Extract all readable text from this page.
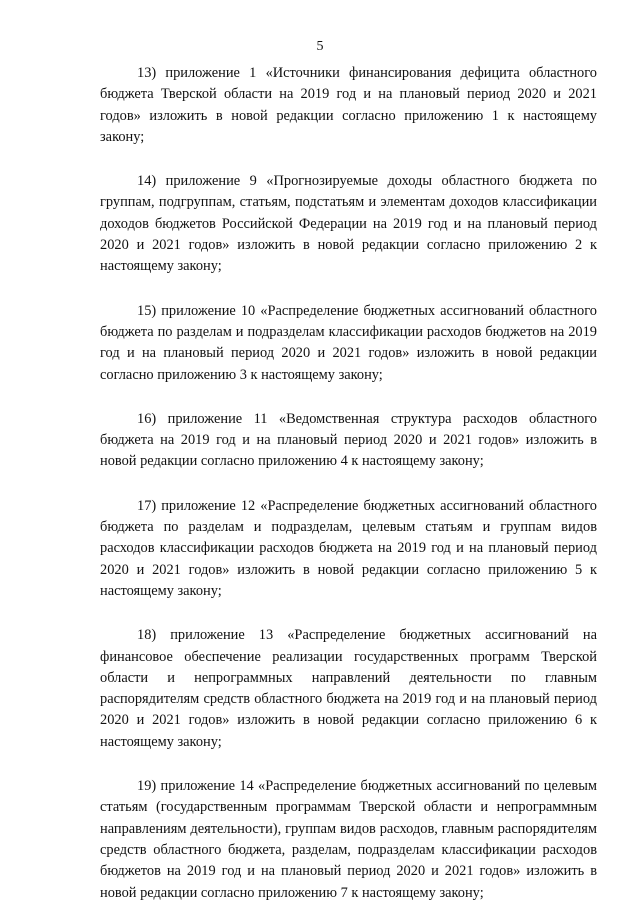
5

13) приложение 1 «Источники финансирования дефицита областного бюджета Тверской области на 2019 год и на плановый период 2020 и 2021 годов» изложить в новой редакции согласно приложению 1 к настоящему закону;

14) приложение 9 «Прогнозируемые доходы областного бюджета по группам, подгруппам, статьям, подстатьям и элементам доходов классификации доходов бюджетов Российской Федерации на 2019 год и на плановый период 2020 и 2021 годов» изложить в новой редакции согласно приложению 2 к настоящему закону;

15) приложение 10 «Распределение бюджетных ассигнований областного бюджета по разделам и подразделам классификации расходов бюджетов на 2019 год и на плановый период 2020 и 2021 годов» изложить в новой редакции согласно приложению 3 к настоящему закону;

16) приложение 11 «Ведомственная структура расходов областного бюджета на 2019 год и на плановый период 2020 и 2021 годов» изложить в новой редакции согласно приложению 4 к настоящему закону;

17) приложение 12 «Распределение бюджетных ассигнований областного бюджета по разделам и подразделам, целевым статьям и группам видов расходов классификации расходов бюджета на 2019 год и на плановый период 2020 и 2021 годов» изложить в новой редакции согласно приложению 5 к настоящему закону;

18) приложение 13 «Распределение бюджетных ассигнований на финансовое обеспечение реализации государственных программ Тверской области и непрограммных направлений деятельности по главным распорядителям средств областного бюджета на 2019 год и на плановый период 2020 и 2021 годов» изложить в новой редакции согласно приложению 6 к настоящему закону;

19) приложение 14 «Распределение бюджетных ассигнований по целевым статьям (государственным программам Тверской области и непрограммным направлениям деятельности), группам видов расходов, главным распорядителям средств областного бюджета, разделам, подразделам классификации расходов бюджетов на 2019 год и на плановый период 2020 и 2021 годов» изложить в новой редакции согласно приложению 7 к настоящему закону;
